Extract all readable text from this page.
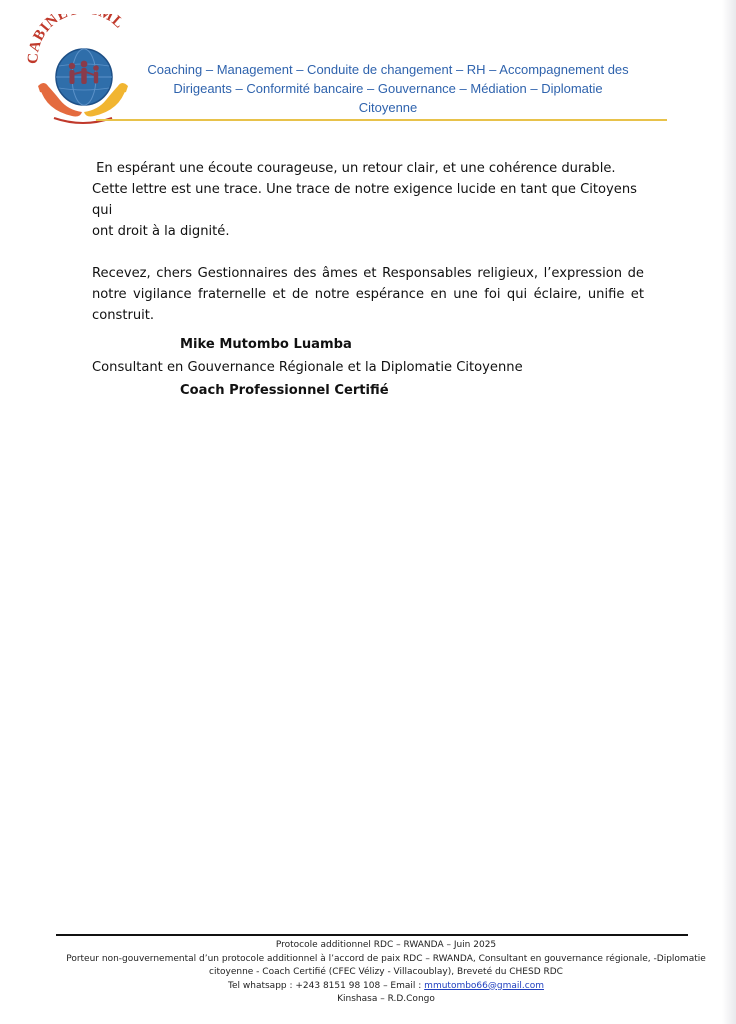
CABINE ML
Coaching – Management – Conduite de changement – RH – Accompagnement des
Dirigeants – Conformité bancaire – Gouvernance – Médiation – Diplomatie
Citoyenne

En espérant une écoute courageuse, un retour clair, et une cohérence durable.
Cette lettre est une trace. Une trace de notre exigence lucide en tant que Citoyens qui
ont droit à la dignité.

Recevez, chers Gestionnaires des âmes et Responsables religieux, l’expression de notre vigilance fraternelle et de notre espérance en une foi qui éclaire, unifie et construit.

Mike Mutombo Luamba
Consultant en Gouvernance Régionale et la Diplomatie Citoyenne
Coach Professionnel Certifié
Protocole additionnel RDC – RWANDA – Juin 2025
Porteur non-gouvernemental d’un protocole additionnel à l’accord de paix RDC – RWANDA, Consultant en gouvernance régionale, -Diplomatie
citoyenne - Coach Certifié (CFEC Vélizy - Villacoublay), Breveté du CHESD RDC
Tel whatsapp : +243 8151 98 108 – Email : mmutombo66@gmail.com
Kinshasa – R.D.Congo
